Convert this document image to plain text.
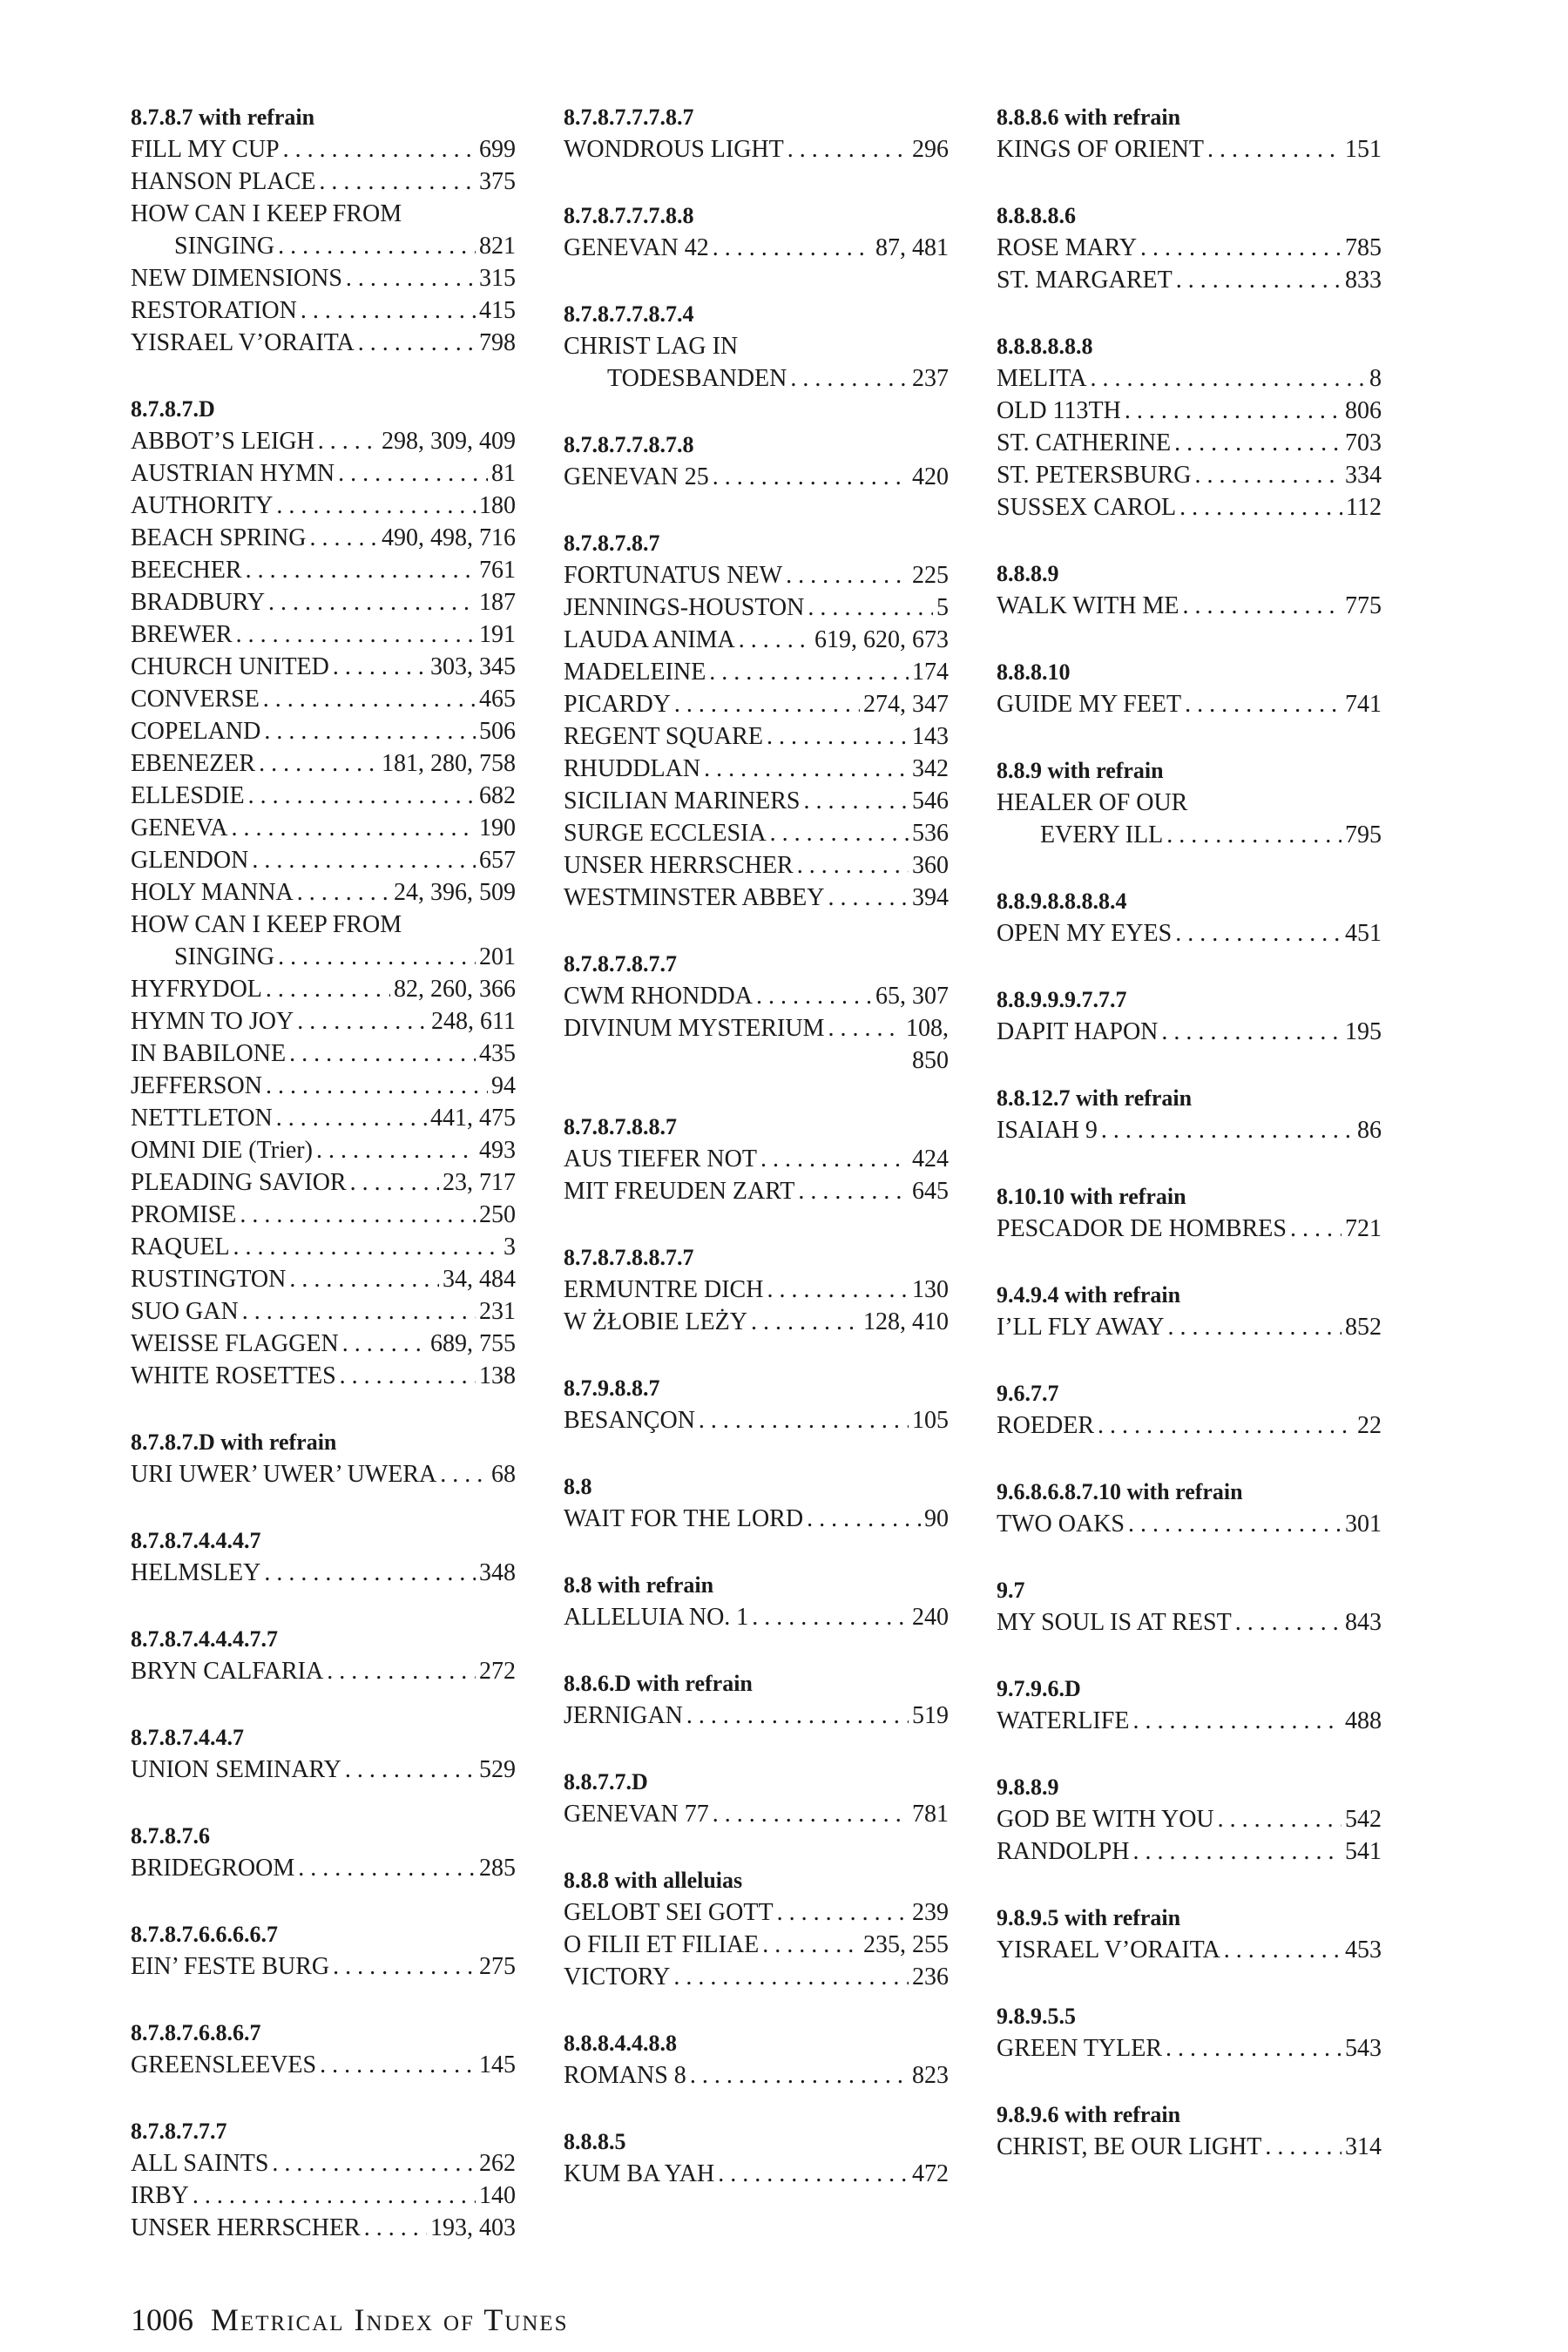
8.7.8.7 with refrain
FILL MY CUP . . .	699
HANSON PLACE . . .	375
HOW CAN I KEEP FROM
SINGING . . .	821
NEW DIMENSIONS . . .	315
RESTORATION . . .	415
YISRAEL V’ORAITA . . .	798
8.7.8.7.D
ABBOT’S LEIGH . . .	298, 309, 409
AUSTRIAN HYMN . . .	81
AUTHORITY . . .	180
BEACH SPRING . . .	490, 498, 716
BEECHER . . .	761
BRADBURY . . .	187
BREWER . . .	191
CHURCH UNITED . . .	303, 345
CONVERSE . . .	465
COPELAND . . .	506
EBENEZER . . .	181, 280, 758
ELLESDIE . . .	682
GENEVA . . .	190
GLENDON . . .	657
HOLY MANNA . . .	24, 396, 509
HOW CAN I KEEP FROM
SINGING . . .	201
HYFRYDOL . . .	82, 260, 366
HYMN TO JOY . . .	248, 611
IN BABILONE . . .	435
JEFFERSON . . .	94
NETTLETON . . .	441, 475
OMNI DIE (Trier) . . .	493
PLEADING SAVIOR . . .	23, 717
PROMISE . . .	250
RAQUEL . . .	3
RUSTINGTON . . .	34, 484
SUO GAN . . .	231
WEISSE FLAGGEN . . .	689, 755
WHITE ROSETTES . . .	138
8.7.8.7.D with refrain
URI UWER’ UWER’ UWERA . . . 68
8.7.8.7.4.4.4.7
HELMSLEY . . .	348
8.7.8.7.4.4.4.7.7
BRYN CALFARIA . . .	272
8.7.8.7.4.4.7
UNION SEMINARY . . .	529
8.7.8.7.6
BRIDEGROOM . . .	285
8.7.8.7.6.6.6.6.7
EIN’ FESTE BURG . . .	275
8.7.8.7.6.8.6.7
GREENSLEEVES . . .	145
8.7.8.7.7.7
ALL SAINTS . . .	262
IRBY . . .	140
UNSER HERRSCHER . . .	193, 403
8.7.8.7.7.7.8.7
WONDROUS LIGHT . . .	296
8.7.8.7.7.7.8.8
GENEVAN 42 . . .	87, 481
8.7.8.7.7.8.7.4
CHRIST LAG IN
TODESBANDEN . . .	237
8.7.8.7.7.8.7.8
GENEVAN 25 . . .	420
8.7.8.7.8.7
FORTUNATUS NEW . . .	225
JENNINGS-HOUSTON . . .	5
LAUDA ANIMA . . .	619, 620, 673
MADELEINE . . .	174
PICARDY . . .	274, 347
REGENT SQUARE . . .	143
RHUDDLAN . . .	342
SICILIAN MARINERS . . .	546
SURGE ECCLESIA . . .	536
UNSER HERRSCHER . . .	360
WESTMINSTER ABBEY . . .	394
8.7.8.7.8.7.7
CWM RHONDDA . . .	65, 307
DIVINUM MYSTERIUM . . .	108,
850
8.7.8.7.8.8.7
AUS TIEFER NOT . . .	424
MIT FREUDEN ZART . . .	645
8.7.8.7.8.8.7.7
ERMUNTRE DICH . . .	130
W ŻŁOBIE LEŻY . . .	128, 410
8.7.9.8.8.7
BESANÇON . . .	105
8.8
WAIT FOR THE LORD . . .	90
8.8 with refrain
ALLELUIA NO. 1 . . .	240
8.8.6.D with refrain
JERNIGAN . . .	519
8.8.7.7.D
GENEVAN 77 . . .	781
8.8.8 with alleluias
GELOBT SEI GOTT . . .	239
O FILII ET FILIAE . . .	235, 255
VICTORY . . .	236
8.8.8.4.4.8.8
ROMANS 8 . . .	823
8.8.8.5
KUM BA YAH . . .	472
8.8.8.6 with refrain
KINGS OF ORIENT . . .	151
8.8.8.8.6
ROSE MARY . . .	785
ST. MARGARET . . .	833
8.8.8.8.8.8
MELITA . . .	8
OLD 113TH . . .	806
ST. CATHERINE . . .	703
ST. PETERSBURG . . .	334
SUSSEX CAROL . . .	112
8.8.8.9
WALK WITH ME . . .	775
8.8.8.10
GUIDE MY FEET . . .	741
8.8.9 with refrain
HEALER OF OUR
EVERY ILL . . .	795
8.8.9.8.8.8.8.4
OPEN MY EYES . . .	451
8.8.9.9.9.7.7.7
DAPIT HAPON . . .	195
8.8.12.7 with refrain
ISAIAH 9 . . .	86
8.10.10 with refrain
PESCADOR DE HOMBRES . . . 721
9.4.9.4 with refrain
I’LL FLY AWAY . . .	852
9.6.7.7
ROEDER . . .	22
9.6.8.6.8.7.10 with refrain
TWO OAKS . . .	301
9.7
MY SOUL IS AT REST . . .	843
9.7.9.6.D
WATERLIFE . . .	488
9.8.8.9
GOD BE WITH YOU . . .	542
RANDOLPH . . .	541
9.8.9.5 with refrain
YISRAEL V’ORAITA . . .	453
9.8.9.5.5
GREEN TYLER . . .	543
9.8.9.6 with refrain
CHRIST, BE OUR LIGHT . . .	314
1006 Metrical Index of Tunes
